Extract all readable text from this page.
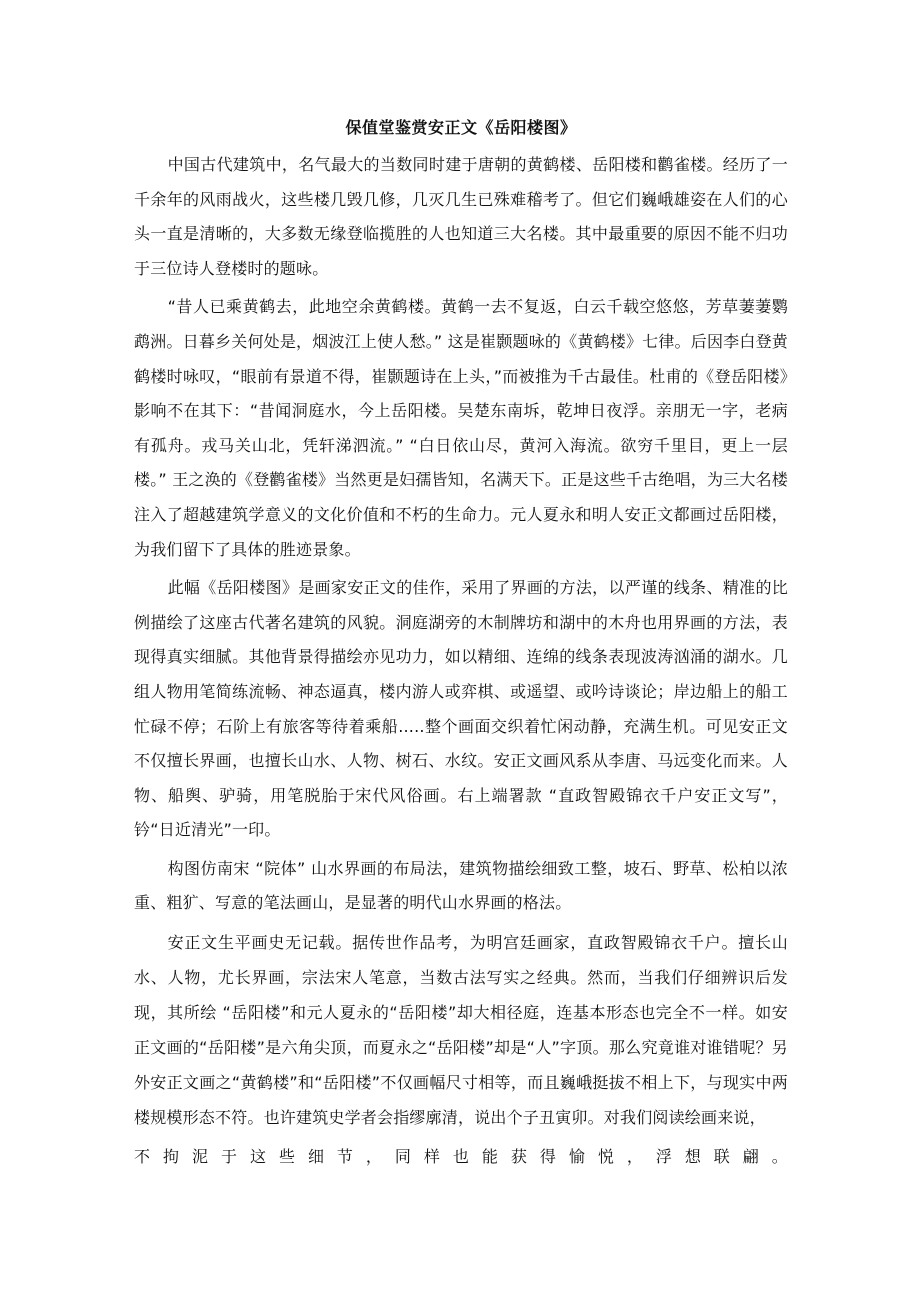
保值堂鉴赏安正文《岳阳楼图》

中国古代建筑中，名气最大的当数同时建于唐朝的黄鹤楼、岳阳楼和鹳雀楼。经历了一千余年的风雨战火，这些楼几毁几修，几灭几生已殊难稽考了。但它们巍峨雄姿在人们的心头一直是清晰的，大多数无缘登临揽胜的人也知道三大名楼。其中最重要的原因不能不归功于三位诗人登楼时的题咏。

“昔人已乘黄鹤去，此地空余黄鹤楼。黄鹤一去不复返，白云千载空悠悠，芳草萋萋鹦鹉洲。日暮乡关何处是，烟波江上使人愁。” 这是崔颢题咏的《黄鹤楼》七律。后因李白登黄鹤楼时咏叹，“眼前有景道不得，崔颢题诗在上头，”而被推为千古最佳。杜甫的《登岳阳楼》影响不在其下：“昔闻洞庭水，今上岳阳楼。吴楚东南坼，乾坤日夜浮。亲朋无一字，老病有孤舟。戎马关山北，凭轩涕泗流。” “白日依山尽，黄河入海流。欲穷千里目，更上一层楼。” 王之涣的《登鹳雀楼》当然更是妇孺皆知，名满天下。正是这些千古绝唱，为三大名楼注入了超越建筑学意义的文化价值和不朽的生命力。元人夏永和明人安正文都画过岳阳楼，为我们留下了具体的胜迹景象。

此幅《岳阳楼图》是画家安正文的佳作，采用了界画的方法，以严谨的线条、精准的比例描绘了这座古代著名建筑的风貌。洞庭湖旁的木制牌坊和湖中的木舟也用界画的方法，表现得真实细腻。其他背景得描绘亦见功力，如以精细、连绵的线条表现波涛汹涌的湖水。几组人物用笔简练流畅、神态逼真，楼内游人或弈棋、或遥望、或吟诗谈论；岸边船上的船工忙碌不停；石阶上有旅客等待着乘船.....整个画面交织着忙闲动静，充满生机。可见安正文不仅擅长界画，也擅长山水、人物、树石、水纹。安正文画风系从李唐、马远变化而来。人物、船舆、驴骑，用笔脱胎于宋代风俗画。右上端署款 “直政智殿锦衣千户安正文写”，钤“日近清光”一印。

构图仿南宋 “院体” 山水界画的布局法，建筑物描绘细致工整，坡石、野草、松柏以浓重、粗犷、写意的笔法画山，是显著的明代山水界画的格法。

安正文生平画史无记载。据传世作品考，为明宫廷画家，直政智殿锦衣千户。擅长山水、人物，尤长界画，宗法宋人笔意，当数古法写实之经典。然而，当我们仔细辨识后发现，其所绘 “岳阳楼”和元人夏永的“岳阳楼”却大相径庭，连基本形态也完全不一样。如安正文画的“岳阳楼”是六角尖顶，而夏永之“岳阳楼”却是“人”字顶。那么究竟谁对谁错呢？另外安正文画之“黄鹤楼”和“岳阳楼”不仅画幅尺寸相等，而且巍峨挺拔不相上下，与现实中两楼规模形态不符。也许建筑史学者会指缪廓清，说出个子丑寅卯。对我们阅读绘画来说，

不拘泥于这些细节，同样也能获得愉悦，浮想联翩。
